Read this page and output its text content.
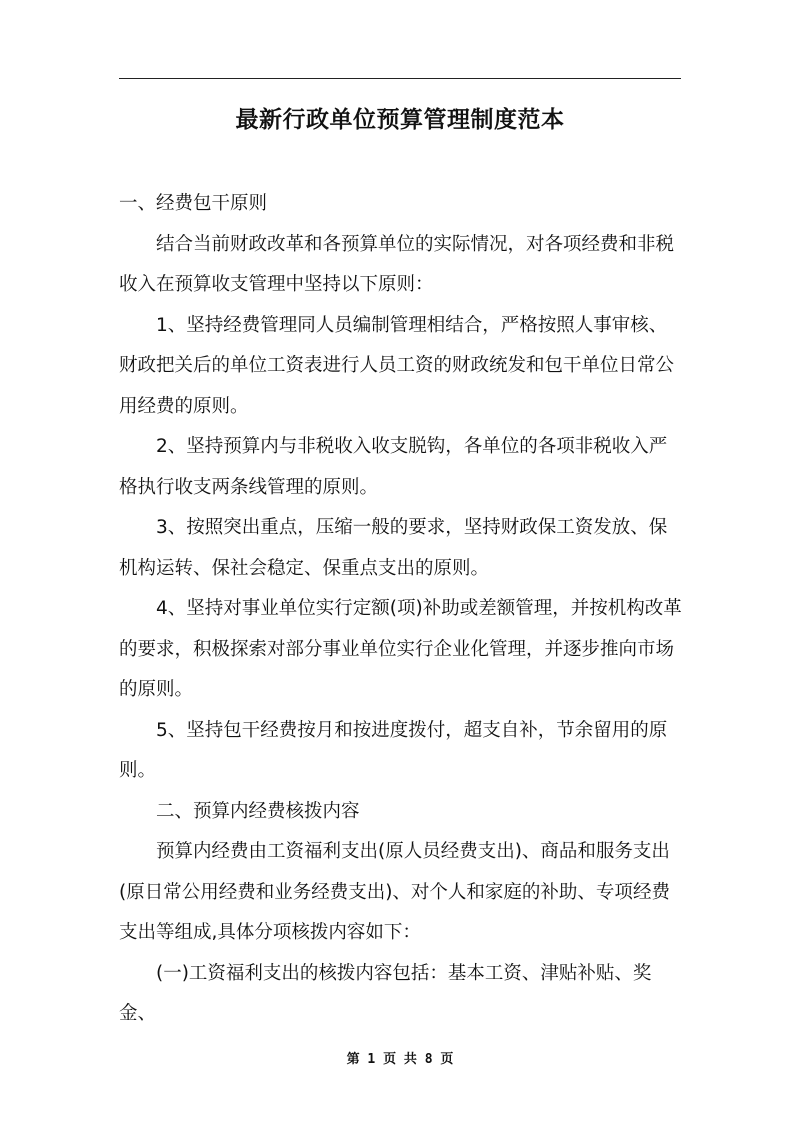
最新行政单位预算管理制度范本

一、经费包干原则

结合当前财政改革和各预算单位的实际情况，对各项经费和非税收入在预算收支管理中坚持以下原则：

1、坚持经费管理同人员编制管理相结合，严格按照人事审核、财政把关后的单位工资表进行人员工资的财政统发和包干单位日常公用经费的原则。

2、坚持预算内与非税收入收支脱钩，各单位的各项非税收入严格执行收支两条线管理的原则。

3、按照突出重点，压缩一般的要求，坚持财政保工资发放、保机构运转、保社会稳定、保重点支出的原则。

4、坚持对事业单位实行定额(项)补助或差额管理，并按机构改革的要求，积极探索对部分事业单位实行企业化管理，并逐步推向市场的原则。

5、坚持包干经费按月和按进度拨付，超支自补，节余留用的原则。

二、预算内经费核拨内容

预算内经费由工资福利支出(原人员经费支出)、商品和服务支出(原日常公用经费和业务经费支出)、对个人和家庭的补助、专项经费支出等组成,具体分项核拨内容如下：

(一)工资福利支出的核拨内容包括：基本工资、津贴补贴、奖金、

第 1 页 共 8 页
